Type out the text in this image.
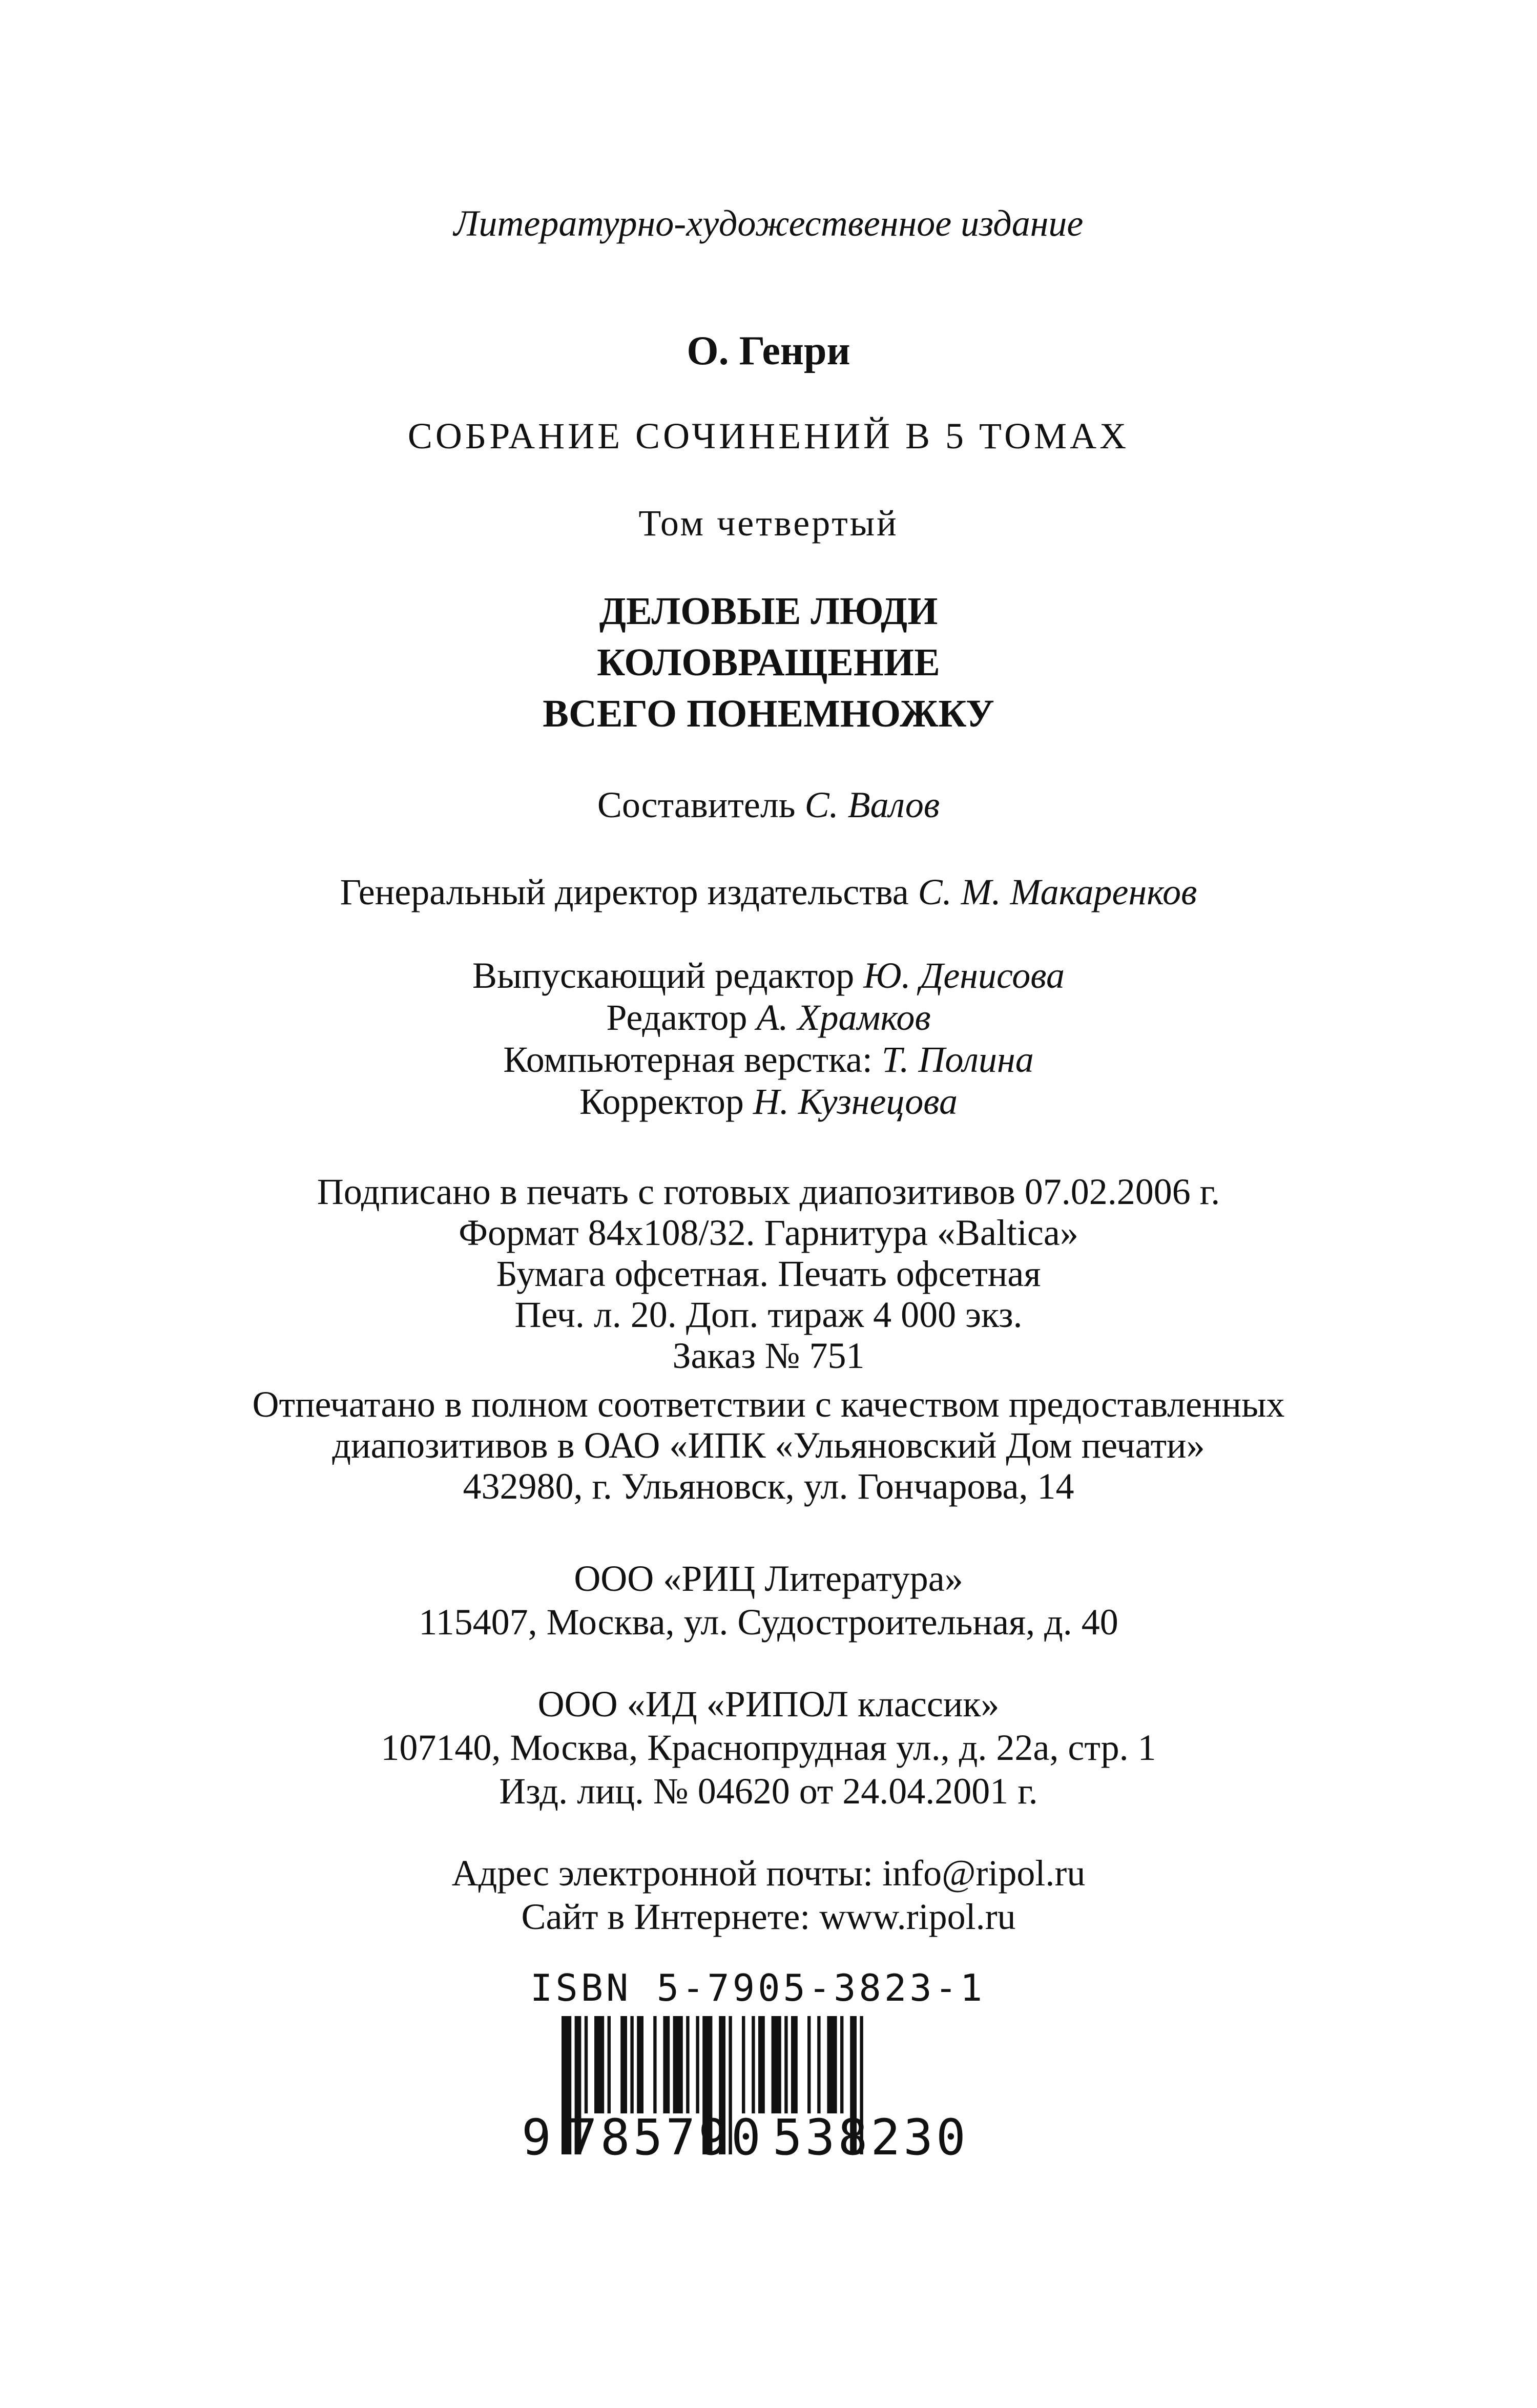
Литературно-художественное издание
О. Генри
СОБРАНИЕ СОЧИНЕНИЙ В 5 ТОМАХ
Том четвертый
ДЕЛОВЫЕ ЛЮДИ
КОЛОВРАЩЕНИЕ
ВСЕГО ПОНЕМНОЖКУ
Составитель С. Валов
Генеральный директор издательства С. М. Макаренков
Выпускающий редактор Ю. Денисова
Редактор А. Храмков
Компьютерная верстка: Т. Полина
Корректор Н. Кузнецова
Подписано в печать с готовых диапозитивов 07.02.2006 г.
Формат 84x108/32. Гарнитура «Baltica»
Бумага офсетная. Печать офсетная
Печ. л. 20. Доп. тираж 4 000 экз.
Заказ № 751
Отпечатано в полном соответствии с качеством предоставленных
диапозитивов в ОАО «ИПК «Ульяновский Дом печати»
432980, г. Ульяновск, ул. Гончарова, 14
ООО «РИЦ Литература»
115407, Москва, ул. Судостроительная, д. 40
ООО «ИД «РИПОЛ классик»
107140, Москва, Краснопрудная ул., д. 22а, стр. 1
Изд. лиц. № 04620 от 24.04.2001 г.
Адрес электронной почты: info@ripol.ru
Сайт в Интернете: www.ripol.ru
ISBN 5-7905-3823-1
9 785790 538230
